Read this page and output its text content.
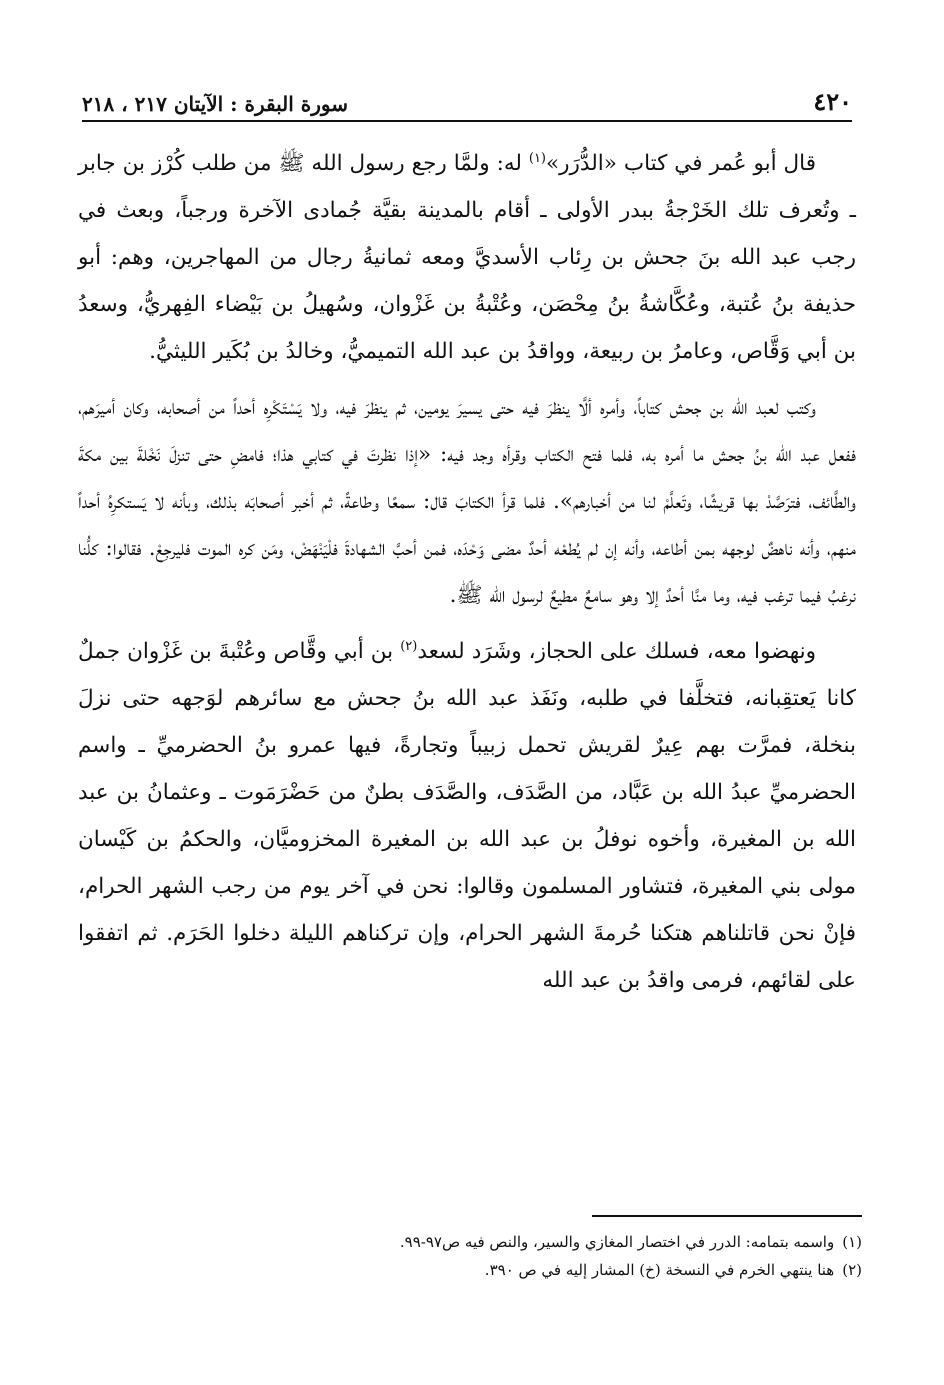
٤٢٠
سورة البقرة : الآيتان ٢١٧ ، ٢١٨

قال أبو عُمر في كتاب «الدُّرَر»$^{(١)}$ له: ولمَّا رجع رسول الله ﷺ من طلب كُرْز بن جابر ـ وتُعرف تلك الخَرْجةُ ببدر الأولى ـ أقام بالمدينة بقيَّة جُمادى الآخرة ورجباً، وبعث في رجب عبد الله بنَ جحش بن رِئاب الأسديَّ ومعه ثمانيةُ رجال من المهاجرين، وهم: أبو حذيفة بنُ عُتبة، وعُكَّاشةُ بنُ مِحْصَن، وعُتْبةُ بن غَزْوان، وسُهيلُ بن بَيْضاء الفِهريُّ، وسعدُ بن أبي وَقَّاص، وعامرُ بن ربيعة، وواقدُ بن عبد الله التميميُّ، وخالدُ بن بُكَير الليثيُّ.

وكتب لعبد الله بن جحش كتاباً، وأمره ألَّا ينظرَ فيه حتى يسيرَ يومين، ثم ينظرَ فيه، ولا يَسْتَكْرِه أحداً من أصحابه، وكان أميرَهم، ففعل عبد الله بنُ جحش ما أمره به، فلما فتح الكتاب وقرأه وجد فيه: «إذا نظرتَ في كتابي هذا؛ فامضِ حتى تنزلَ نَخْلةَ بين مكةَ والطَّائف، فترَصَّدْ بها قريشًا، وتَعلَّمْ لنا من أخبارهم». فلما قرأ الكتابَ قال: سمعًا وطاعةً، ثم أخبر أصحابَه بذلك، وبأنه لا يَستكرِهُ أحداً منهم، وأنه ناهضٌ لوجهه بمن أطاعه، وأنه إن لم يُطعْه أحدٌ مضى وَحْدَه، فمن أحبَّ الشهادةَ فلْيَنْهَضْ، ومَن كره الموت فليرجِعْ. فقالوا: كلُّنا نرغبُ فيما ترغب فيه، وما منَّا أحدٌ إلا وهو سامعٌ مطيعٌ لرسول الله ﷺ.

ونهضوا معه، فسلك على الحجاز، وشَرَد لسعد$^{(٢)}$ بن أبي وقَّاص وعُتْبةَ بن غَزْوان جملٌ كانا يَعتقِبانه، فتخلَّفا في طلبه، ونَفَذ عبد الله بنُ جحش مع سائرهم لوَجهه حتى نزلَ بنخلة، فمرَّت بهم عِيرٌ لقريش تحمل زبيباً وتجارةً، فيها عمرو بنُ الحضرميِّ ـ واسم الحضرميِّ عبدُ الله بن عَبَّاد، من الصَّدَف، والصَّدَف بطنٌ من حَضْرَمَوت ـ وعثمانُ بن عبد الله بن المغيرة، وأخوه نوفلُ بن عبد الله بن المغيرة المخزوميَّان، والحكمُ بن كَيْسان مولى بني المغيرة، فتشاور المسلمون وقالوا: نحن في آخر يوم من رجب الشهر الحرام، فإنْ نحن قاتلناهم هتكنا حُرمةَ الشهر الحرام، وإن تركناهم الليلة دخلوا الحَرَم. ثم اتفقوا على لقائهم، فرمى واقدُ بن عبد الله

(١)
واسمه بتمامه: الدرر في اختصار المغازي والسير، والنص فيه ص٩٧-٩٩.
(٢)
هنا ينتهي الخرم في النسخة (خ) المشار إليه في ص ٣٩٠.
